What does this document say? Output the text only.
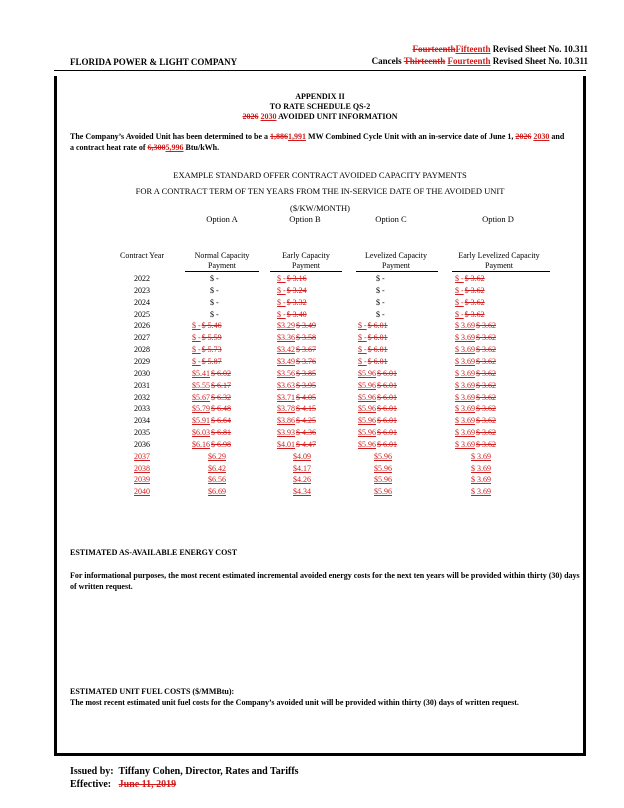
FourteenthFifteenth Revised Sheet No. 10.311
Cancels Thirteenth Fourteenth Revised Sheet No. 10.311
FLORIDA POWER & LIGHT COMPANY
APPENDIX II
TO RATE SCHEDULE QS-2
2026 2030 AVOIDED UNIT INFORMATION
The Company’s Avoided Unit has been determined to be a 1,8861,991 MW Combined Cycle Unit with an in-service date of June 1, 2026 2030 and a contract heat rate of 6,3005,996 Btu/kWh.
EXAMPLE STANDARD OFFER CONTRACT AVOIDED CAPACITY PAYMENTS
FOR A CONTRACT TERM OF TEN YEARS FROM THE IN-SERVICE DATE OF THE AVOIDED UNIT
($/KW/MONTH)
Option A	Option B	Option C	Option D
Contract Year	Normal Capacity
Payment
Early Capacity
Payment
Levelized Capacity
Payment
Early Levelized Capacity
Payment
2022	$ -	$ -$ 3.16	$ -	$ -$ 3.62
2023	$ -	$ -$ 3.24	$ -	$ -$ 3.62
2024	$ -	$ -$ 3.32	$ -	$ -$ 3.62
2025	$ -	$ -$ 3.40	$ -	$ -$ 3.62
2026	$ -$ 5.46	$3.29$ 3.49	$ -$ 6.01	$ 3.69$ 3.62
2027	$ -$ 5.59	$3.36$ 3.58	$ -$ 6.01	$ 3.69$ 3.62
2028	$ -$ 5.73	$3.42$ 3.67	$ -$ 6.01	$ 3.69$ 3.62
2029	$ -$ 5.87	$3.49$ 3.76	$ -$ 6.01	$ 3.69$ 3.62
2030	$5.41$ 6.02	$3.56$ 3.85	$5.96$ 6.01	$ 3.69$ 3.62
2031	$5.55$ 6.17	$3.63$ 3.95	$5.96$ 6.01	$ 3.69$ 3.62
2032	$5.67$ 6.32	$3.71$ 4.05	$5.96$ 6.01	$ 3.69$ 3.62
2033	$5.79$ 6.48	$3.78$ 4.15	$5.96$ 6.01	$ 3.69$ 3.62
2034	$5.91$ 6.64	$3.86$ 4.25	$5.96$ 6.01	$ 3.69$ 3.62
2035	$6.03$ 6.81	$3.93$ 4.36	$5.96$ 6.01	$ 3.69$ 3.62
2036	$6.16$ 6.98	$4.01$ 4.47	$5.96$ 6.01	$ 3.69$ 3.62
2037	$6.29	$4.09	$5.96	$ 3.69
2038	$6.42	$4.17	$5.96	$ 3.69
2039	$6.56	$4.26	$5.96	$ 3.69
2040	$6.69	$4.34	$5.96	$ 3.69
ESTIMATED AS-AVAILABLE ENERGY COST
For informational purposes, the most recent estimated incremental avoided energy costs for the next ten years will be provided within thirty (30) days of written request.
ESTIMATED UNIT FUEL COSTS ($/MMBtu):
The most recent estimated unit fuel costs for the Company’s avoided unit will be provided within thirty (30) days of written request.
Issued by: Tiffany Cohen, Director, Rates and Tariffs
Effective: June 11, 2019
